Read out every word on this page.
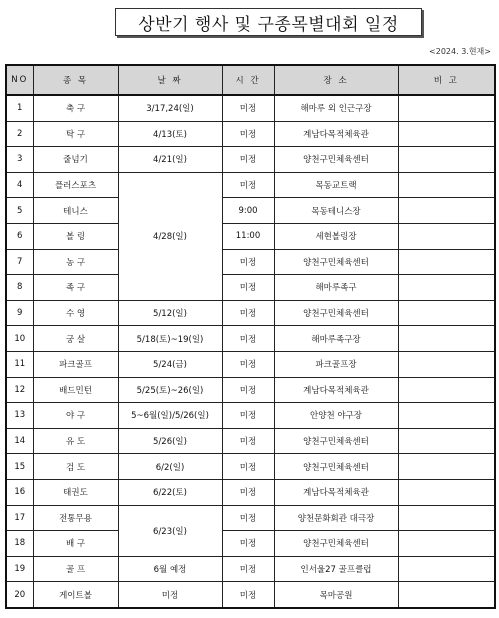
상반기 행사 및 구종목별대회 일정
<2024. 3.현재>
NO	종 목	날 짜	시 간	장 소	비 고
1	축 구	3/17,24(일)	미정	해마루 외 인근구장	
2	탁 구	4/13(토)	미정	계남다목적체육관	
3	줄넘기	4/21(일)	미정	양천구민체육센터	
4	플러스포츠	4/28(일)	미정	목동교트랙	
5	테니스		9:00	목동테니스장	
6	볼 링		11:00	세현볼링장	
7	농 구		미정	양천구민체육센터	
8	족 구		미정	해마루족구	
9	수 영	5/12(일)	미정	양천구민체육센터	
10	궁 살	5/18(토)~19(일)	미정	해마루족구장	
11	파크골프	5/24(금)	미정	파크골프장	
12	배드민턴	5/25(토)~26(일)	미정	계남다목적체육관	
13	야 구	5~6월(일)/5/26(일)	미정	안양천 야구장	
14	유 도	5/26(일)	미정	양천구민체육센터	
15	검 도	6/2(일)	미정	양천구민체육센터	
16	태권도	6/22(토)	미정	계남다목적체육관	
17	전통무용	6/23(일)	미정	양천문화회관 대극장	
18	배 구		미정	양천구민체육센터	
19	골 프	6월 예정	미정	인서울27 골프클럽	
20	게이트볼	미정	미정	목마공원	
